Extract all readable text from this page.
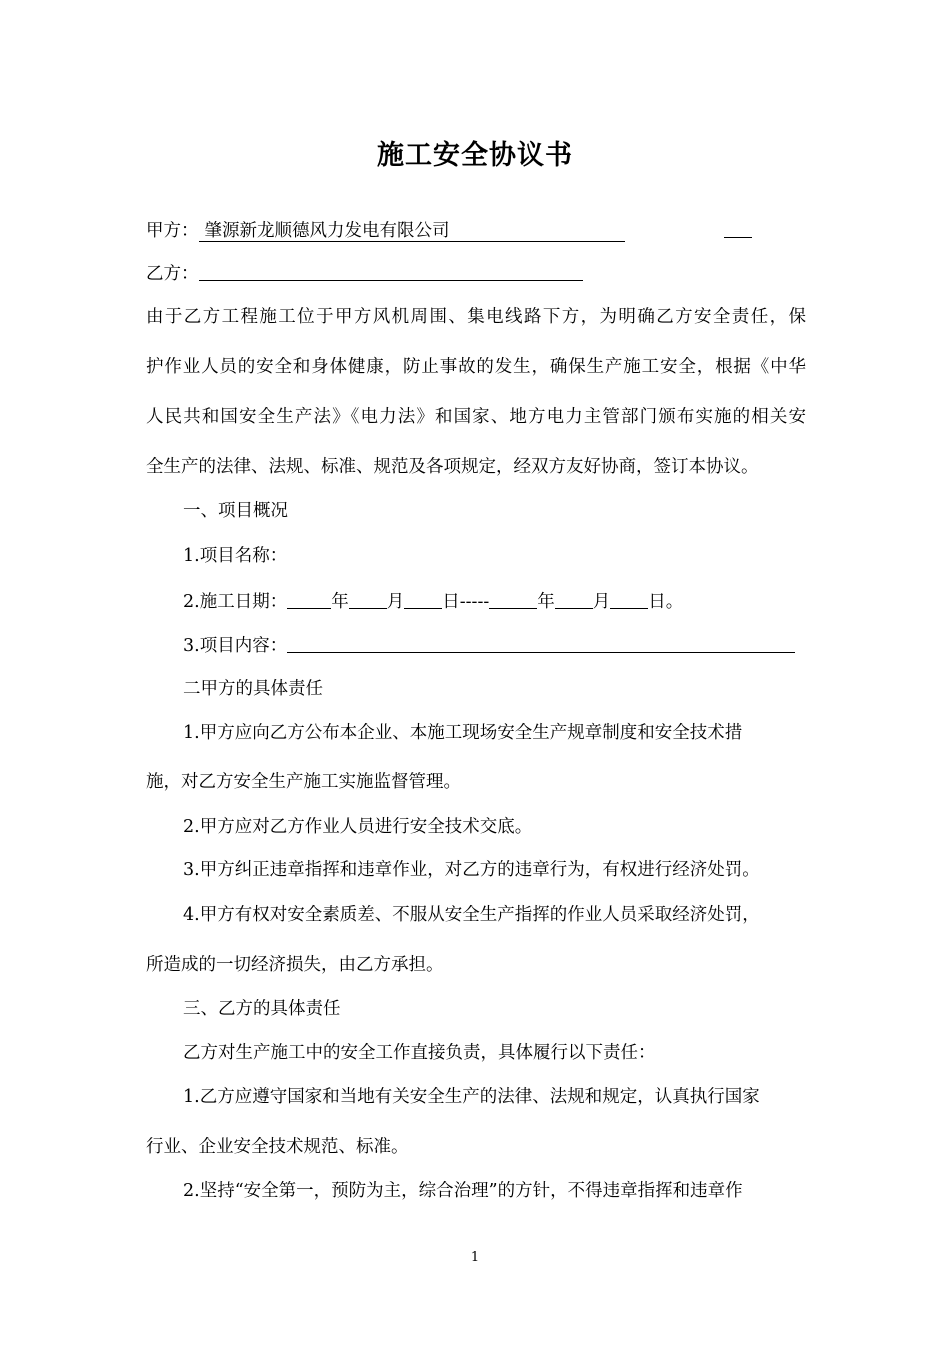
施工安全协议书
甲方： 肇源新龙顺德风力发电有限公司
乙方：
由于乙方工程施工位于甲方风机周围、集电线路下方，为明确乙方安全责任，保
护作业人员的安全和身体健康，防止事故的发生，确保生产施工安全，根据《中华
人民共和国安全生产法》《电力法》和国家、地方电力主管部门颁布实施的相关安
全生产的法律、法规、标准、规范及各项规定，经双方友好协商，签订本协议。
一、项目概况
1.项目名称：
2.施工日期：	年 月 日-----	年 月 日。
3.项目内容：
二甲方的具体责任
1.甲方应向乙方公布本企业、本施工现场安全生产规章制度和安全技术措
施，对乙方安全生产施工实施监督管理。
2.甲方应对乙方作业人员进行安全技术交底。
3.甲方纠正违章指挥和违章作业，对乙方的违章行为，有权进行经济处罚。
4.甲方有权对安全素质差、不服从安全生产指挥的作业人员采取经济处罚，
所造成的一切经济损失，由乙方承担。
三、乙方的具体责任
乙方对生产施工中的安全工作直接负责，具体履行以下责任：
1.乙方应遵守国家和当地有关安全生产的法律、法规和规定，认真执行国家
行业、企业安全技术规范、标准。
2.坚持“安全第一，预防为主，综合治理”的方针，不得违章指挥和违章作
1
